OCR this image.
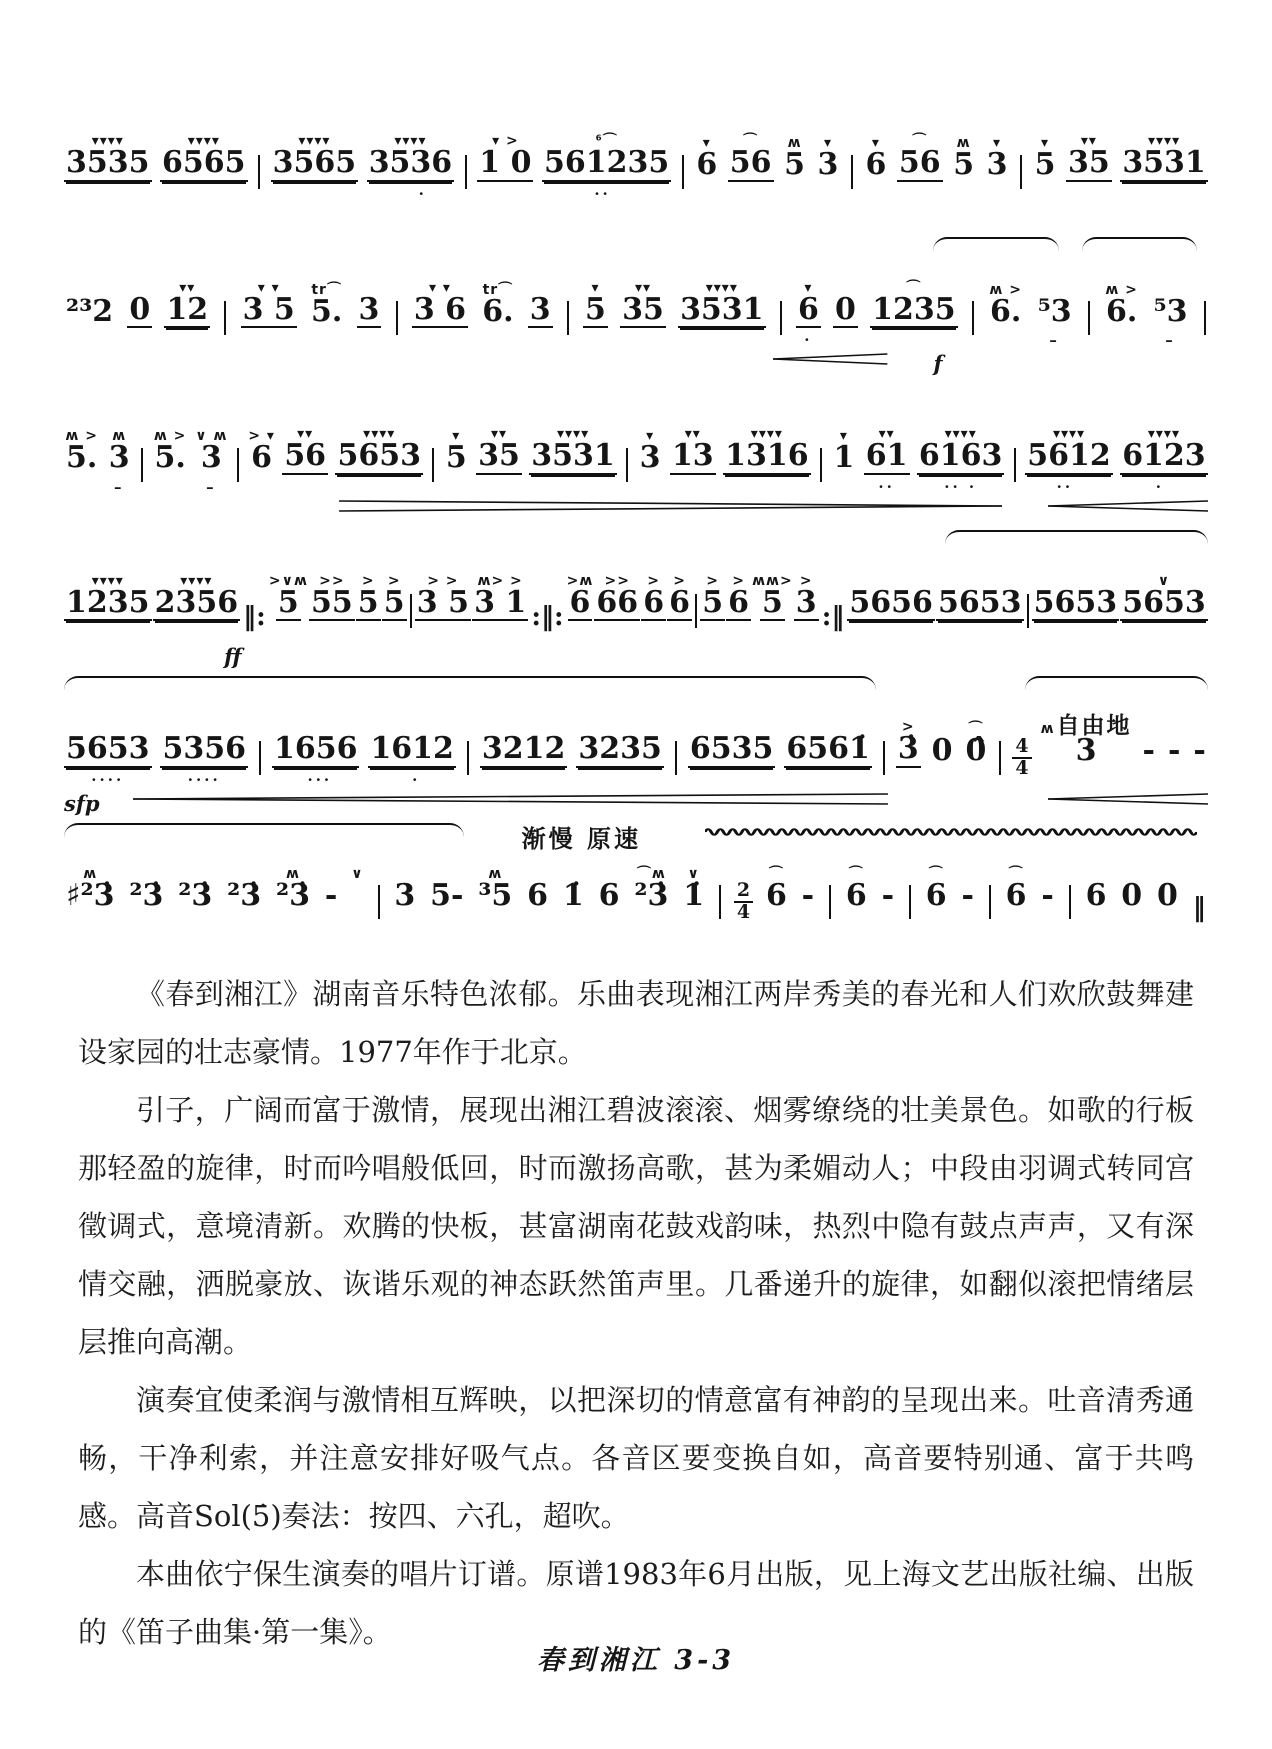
▾▾▾▾
3535

▾▾▾▾
6565

▾▾▾▾
3565

▾▾▾▾
3536
·
▾ >
1 0

⁶⌒
561235
··
▾
6

⌒
56

ʍ
5

▾
3

▾
6

⌒
56

ʍ
5

▾
3

▾
5

▾▾
35

▾▾▾▾
3531

²³2
0

▾▾
12

▾ ▾
3 5

tr⌒
5.
3

▾ ▾
3 6

tr⌒
6.
3

▾
5

▾▾
35

▾▾▾▾
3531

▾
6
·
0

⌒
1235

ʍ >
6.
⁵3
–
ʍ >
6.
⁵3
–
f
ʍ >
5.

ʍ
3
–
ʍ >
5.

∨ ʍ
3
–
> ▾
6

▾▾
56

▾▾▾▾
5653

▾
5

▾▾
35

▾▾▾▾
3531

▾
3

▾▾
13

▾▾▾▾
1316

▾
1

▾▾
61
··
▾▾▾▾
6163
·· ·
▾▾▾▾
5612
··
▾▾▾▾
6123
·
▾▾▾▾
1235

▾▾▾▾
2356
‖:
>∨ʍ
5

>>
55

>
5

>
5

> >
3 5

ʍ> >
3 1
:‖:
>ʍ
6

>>
66

>
6

>
6

>
5

>
6

ʍʍ>
5

>
3
:‖ 5656
5653
5653

∨
5653

ff
5653
····
5356
····
1656
···
1612
·
3212
3235
6535
6561̇

>
3̇
0

⌒
0̂
4
4
ʍ 自由地
3
-
-
-

sfp
渐慢 原速
ʍ
♯²3̇
²3̇
²3̇
²3̇

ʍ
²3̇
-

∨

3
5-

ʍ
³5
6
1̇
6

⌒ʍ
²3̇

∨
1̇
2
4
⌒
6
-

⌒
6
-

⌒
6
-

⌒
6
-
6
0
0
‖

《春到湘江》湖南音乐特色浓郁。乐曲表现湘江两岸秀美的春光和人们欢欣鼓舞建设家园的壮志豪情。1977年作于北京。

引子，广阔而富于激情，展现出湘江碧波滚滚、烟雾缭绕的壮美景色。如歌的行板那轻盈的旋律，时而吟唱般低回，时而激扬高歌，甚为柔媚动人；中段由羽调式转同宫徵调式，意境清新。欢腾的快板，甚富湖南花鼓戏韵味，热烈中隐有鼓点声声，又有深情交融，洒脱豪放、诙谐乐观的神态跃然笛声里。几番递升的旋律，如翻似滚把情绪层层推向高潮。

演奏宜使柔润与激情相互辉映，以把深切的情意富有神韵的呈现出来。吐音清秀通畅，干净利索，并注意安排好吸气点。各音区要变换自如，高音要特别通、富于共鸣感。高音Sol(5̇)奏法：按四、六孔，超吹。

本曲依宁保生演奏的唱片订谱。原谱1983年6月出版，见上海文艺出版社编、出版的《笛子曲集·第一集》。

春到湘江 3-3
